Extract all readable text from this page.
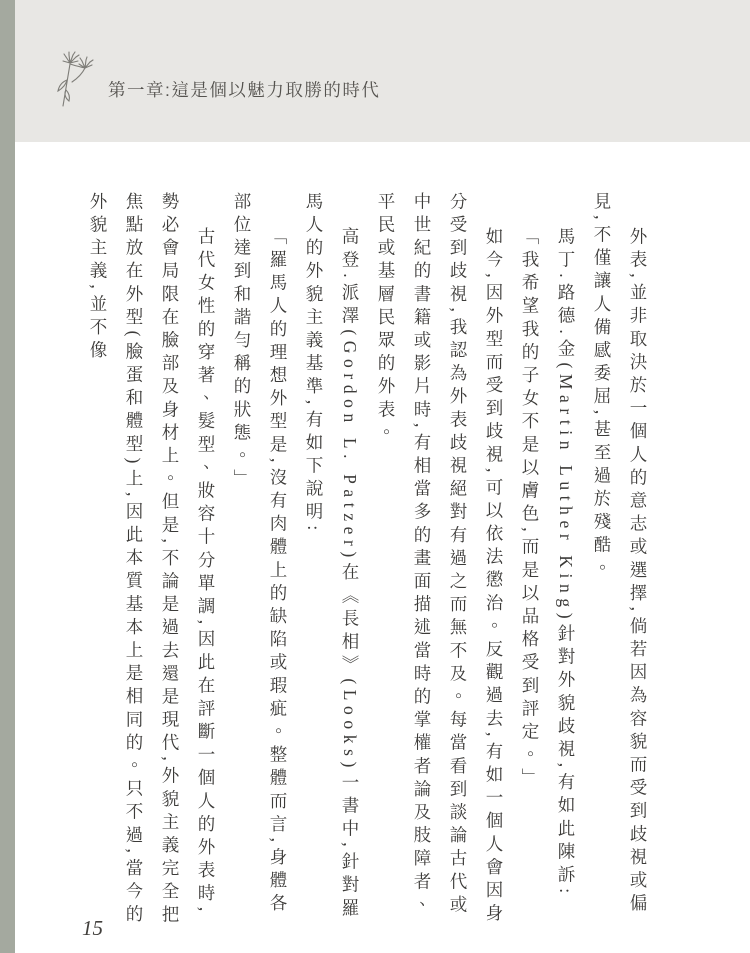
第一章:這是個以魅力取勝的時代

外表,並非取決於一個人的意志或選擇,倘若因為容貌而受到歧視或偏見,不僅讓人備感委屈,甚至過於殘酷。

馬丁.路德.金(Martin Luther King)針對外貌歧視,有如此陳訴:

「我希望我的子女不是以膚色,而是以品格受到評定。」

如今,因外型而受到歧視,可以依法懲治。反觀過去,有如一個人會因身分受到歧視,我認為外表歧視絕對有過之而無不及。每當看到談論古代或中世紀的書籍或影片時,有相當多的畫面描述當時的掌權者論及肢障者、平民或基層民眾的外表。

高登.派澤(Gordon L. Patzer)在《長相》(Looks)一書中,針對羅馬人的外貌主義基準,有如下說明:

「羅馬人的理想外型是,沒有肉體上的缺陷或瑕疵。整體而言,身體各部位達到和諧勻稱的狀態。」

古代女性的穿著、髮型、妝容十分單調,因此在評斷一個人的外表時,勢必會局限在臉部及身材上。但是,不論是過去還是現代,外貌主義完全把焦點放在外型(臉蛋和體型)上,因此本質基本上是相同的。只不過,當今的外貌主義,並不像

15
